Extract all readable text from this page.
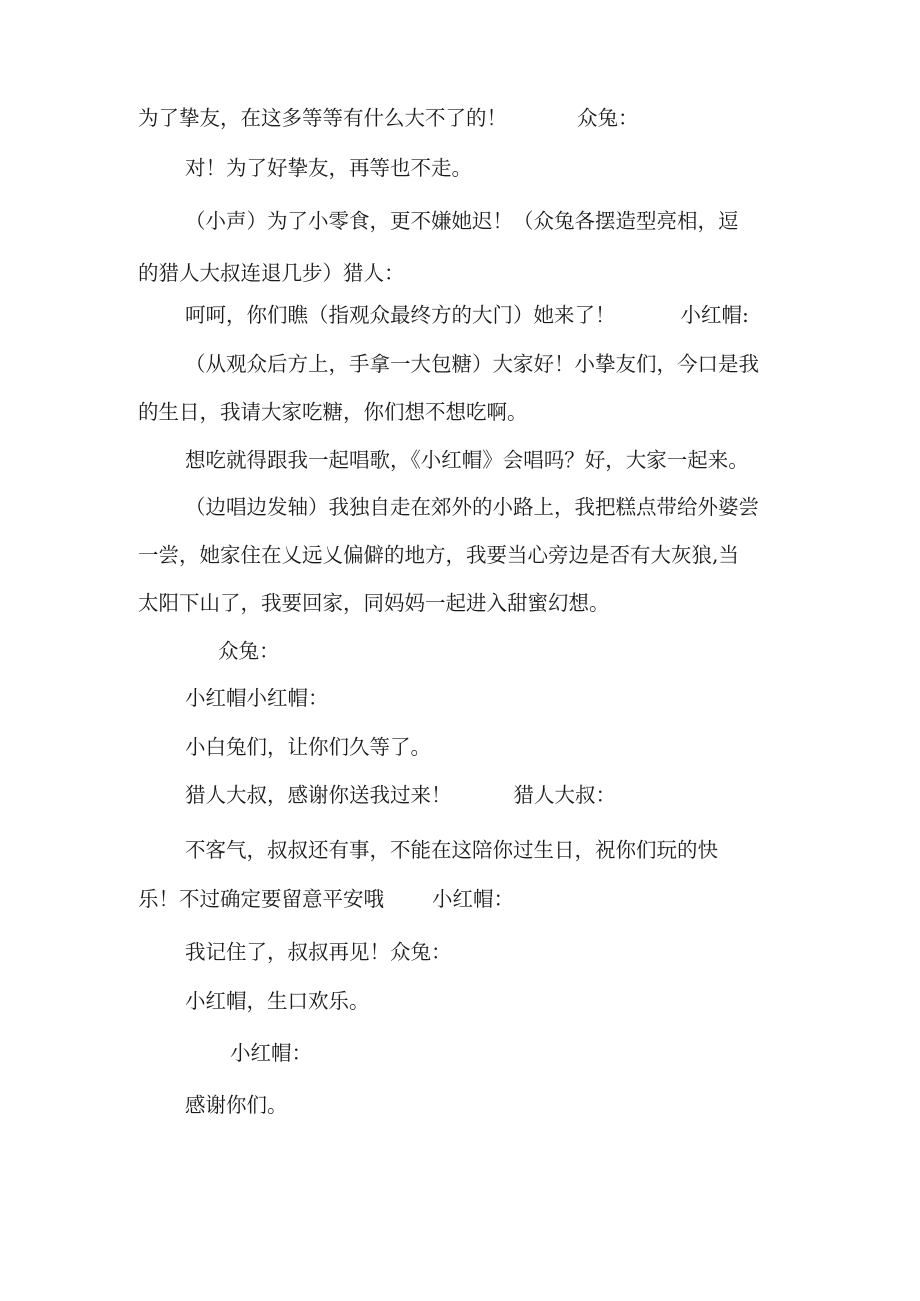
为了挚友，在这多等等有什么大不了的！	众兔：
对！为了好挚友，再等也不走。
（小声）为了小零食，更不嫌她迟！（众兔各摆造型亮相，逗
的猎人大叔连退几步）猎人：
呵呵，你们瞧（指观众最终方的大门）她来了！	小红帽:
（从观众后方上，手拿一大包糖）大家好！小挚友们，今口是我
的生日，我请大家吃糖，你们想不想吃啊。
想吃就得跟我一起唱歌，《小红帽》会唱吗？好，大家一起来。
（边唱边发轴）我独自走在郊外的小路上，我把糕点带给外婆尝
一尝，她家住在乂远乂偏僻的地方，我要当心旁边是否有大灰狼,当
太阳下山了，我要回家，同妈妈一起进入甜蜜幻想。
众兔：
小红帽小红帽：
小白兔们，让你们久等了。
猎人大叔，感谢你送我过来！	猎人大叔：
不客气，叔叔还有事，不能在这陪你过生日，祝你们玩的快
乐！不过确定要留意平安哦 小红帽：
我记住了，叔叔再见！众兔：
小红帽，生口欢乐。
小红帽：
感谢你们。
